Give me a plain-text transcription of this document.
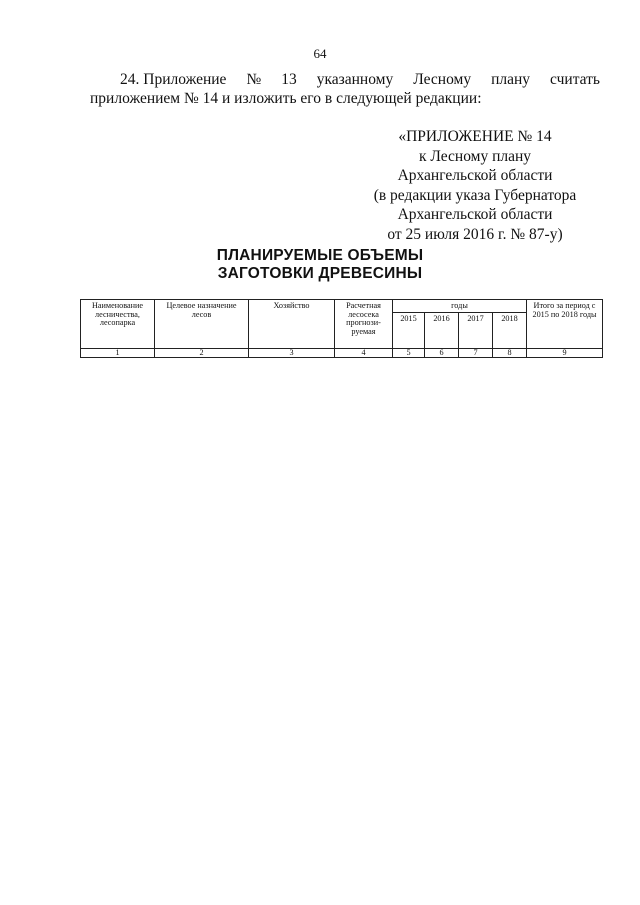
64
24. Приложение № 13 указанному Лесному плану считать
приложением № 14 и изложить его в следующей редакции:
«ПРИЛОЖЕНИЕ № 14
к Лесному плану
Архангельской области
(в редакции указа Губернатора
Архангельской области
от 25 июля 2016 г. № 87-у)
ПЛАНИРУЕМЫЕ ОБЪЕМЫ
ЗАГОТОВКИ ДРЕВЕСИНЫ
Наименование лесничества, лесопарка	Целевое назначение лесов	Хозяйство	Расчетная лесосека прогнози-руемая	годы				Итого за период с 2015 по 2018 годы
				2015	2016	2017	2018	
1	2	3	4	5	6	7	8	9
